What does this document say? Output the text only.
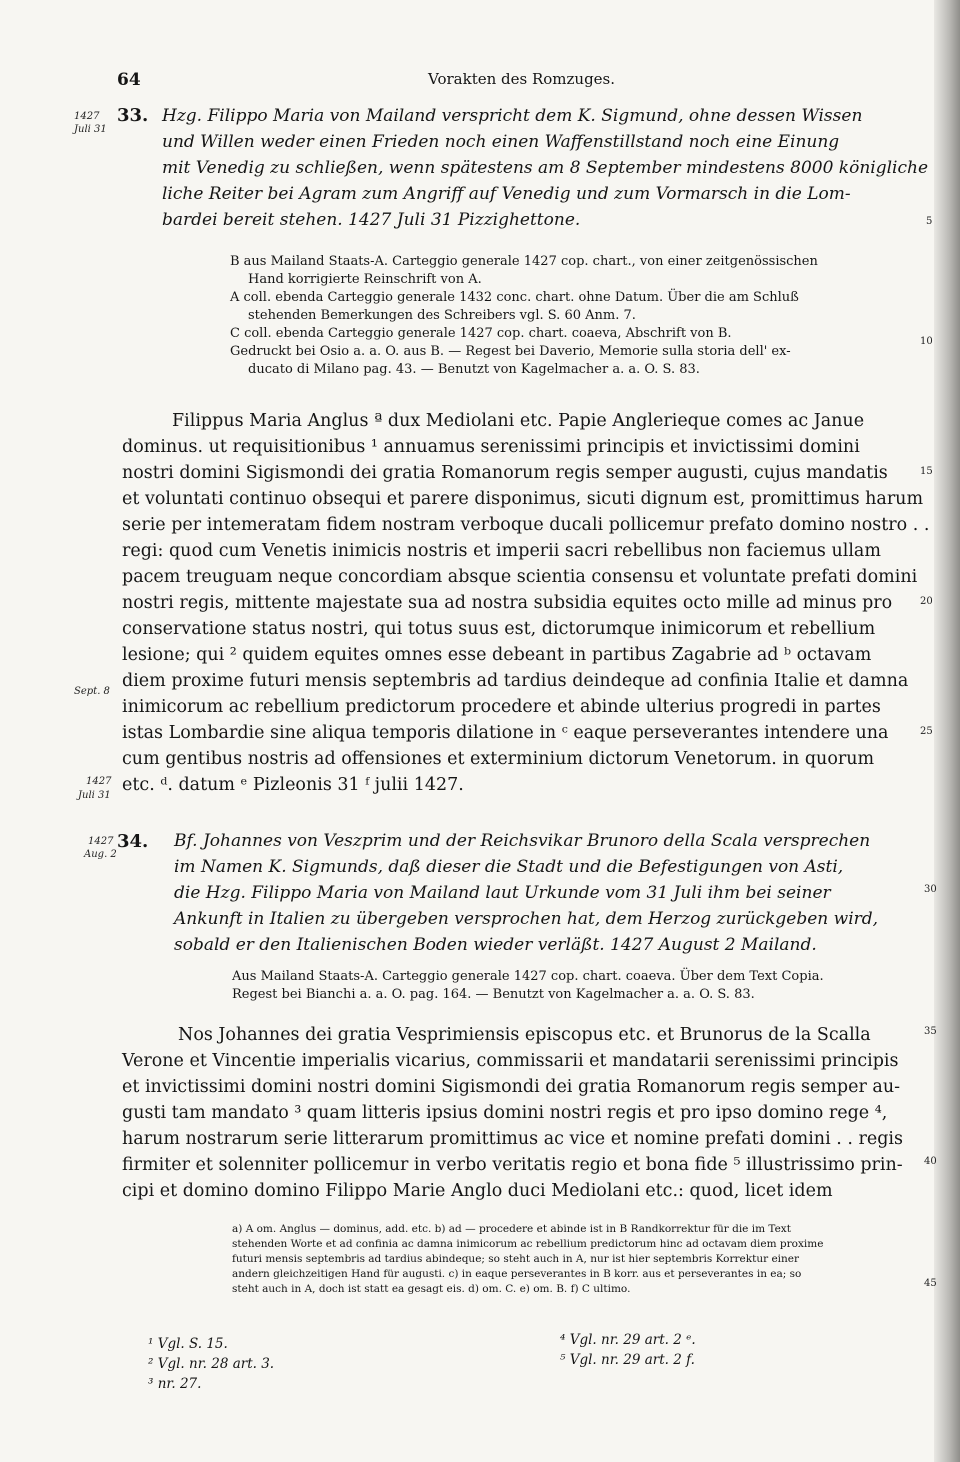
64	Vorakten des Romzuges.
1427
Juli 31
33. Hzg. Filippo Maria von Mailand verspricht dem K. Sigmund, ohne dessen Wissen
und Willen weder einen Frieden noch einen Waffenstillstand noch eine Einung
mit Venedig zu schließen, wenn spätestens am 8 September mindestens 8000 königliche
liche Reiter bei Agram zum Angriff auf Venedig und zum Vormarsch in die Lom-
bardei bereit stehen. 1427 Juli 31 Pizzighettone.
B aus Mailand Staats-A. Carteggio generale 1427 cop. chart., von einer zeitgenössischen
Hand korrigierte Reinschrift von A.
A coll. ebenda Carteggio generale 1432 conc. chart. ohne Datum. Über die am Schluß
stehenden Bemerkungen des Schreibers vgl. S. 60 Anm. 7.
C coll. ebenda Carteggio generale 1427 cop. chart. coaeva, Abschrift von B.
Gedruckt bei Osio a. a. O. aus B. — Regest bei Daverio, Memorie sulla storia dell' ex-
ducato di Milano pag. 43. — Benutzt von Kagelmacher a. a. O. S. 83.
Filippus Maria Anglus ª dux Mediolani etc. Papie Anglerieque comes ac Janue
dominus. ut requisitionibus ¹ annuamus serenissimi principis et invictissimi domini
nostri domini Sigismondi dei gratia Romanorum regis semper augusti, cujus mandatis
et voluntati continuo obsequi et parere disponimus, sicuti dignum est, promittimus harum
serie per intemeratam fidem nostram verboque ducali pollicemur prefato domino nostro . .
regi: quod cum Venetis inimicis nostris et imperii sacri rebellibus non faciemus ullam
pacem treuguam neque concordiam absque scientia consensu et voluntate prefati domini
nostri regis, mittente majestate sua ad nostra subsidia equites octo mille ad minus pro
conservatione status nostri, qui totus suus est, dictorumque inimicorum et rebellium
lesione; qui ² quidem equites omnes esse debeant in partibus Zagabrie ad ᵇ octavam
diem proxime futuri mensis septembris ad tardius deindeque ad confinia Italie et damna
inimicorum ac rebellium predictorum procedere et abinde ulterius progredi in partes
istas Lombardie sine aliqua temporis dilatione in ᶜ eaque perseverantes intendere una
cum gentibus nostris ad offensiones et exterminium dictorum Venetorum. in quorum
etc. ᵈ. datum ᵉ Pizleonis 31 ᶠ julii 1427.
Sept. 8
1427
Juli 31
1427
Aug. 2
34. Bf. Johannes von Veszprim und der Reichsvikar Brunoro della Scala versprechen
im Namen K. Sigmunds, daß dieser die Stadt und die Befestigungen von Asti,
die Hzg. Filippo Maria von Mailand laut Urkunde vom 31 Juli ihm bei seiner
Ankunft in Italien zu übergeben versprochen hat, dem Herzog zurückgeben wird,
sobald er den Italienischen Boden wieder verläßt. 1427 August 2 Mailand.
Aus Mailand Staats-A. Carteggio generale 1427 cop. chart. coaeva. Über dem Text Copia.
Regest bei Bianchi a. a. O. pag. 164. — Benutzt von Kagelmacher a. a. O. S. 83.
Nos Johannes dei gratia Vesprimiensis episcopus etc. et Brunorus de la Scalla
Verone et Vincentie imperialis vicarius, commissarii et mandatarii serenissimi principis
et invictissimi domini nostri domini Sigismondi dei gratia Romanorum regis semper au-
gusti tam mandato ³ quam litteris ipsius domini nostri regis et pro ipso domino rege ⁴,
harum nostrarum serie litterarum promittimus ac vice et nomine prefati domini . . regis
firmiter et solenniter pollicemur in verbo veritatis regio et bona fide ⁵ illustrissimo prin-
cipi et domino domino Filippo Marie Anglo duci Mediolani etc.: quod, licet idem
5
10
15
20
25
30
35
40
45
a) A om. Anglus — dominus, add. etc. b) ad — procedere et abinde ist in B Randkorrektur für die im Text
stehenden Worte et ad confinia ac damna inimicorum ac rebellium predictorum hinc ad octavam diem proxime
futuri mensis septembris ad tardius abindeque; so steht auch in A, nur ist hier septembris Korrektur einer
andern gleichzeitigen Hand für augusti. c) in eaque perseverantes in B korr. aus et perseverantes in ea; so
steht auch in A, doch ist statt ea gesagt eis. d) om. C. e) om. B. f) C ultimo.
¹ Vgl. S. 15.
² Vgl. nr. 28 art. 3.
³ nr. 27.
⁴ Vgl. nr. 29 art. 2 ᵉ.
⁵ Vgl. nr. 29 art. 2 f.
